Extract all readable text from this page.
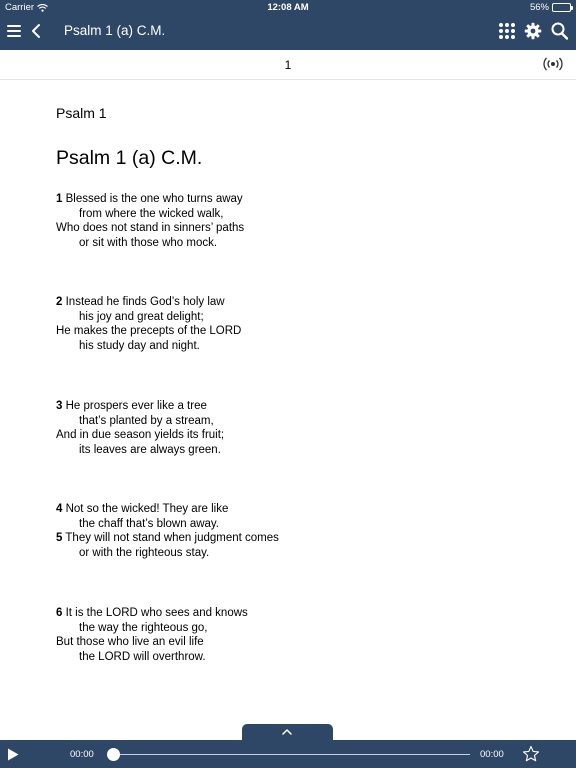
Carrier	12:08 AM	56%
Psalm 1 (a) C.M.
1
Psalm 1
Psalm 1 (a) C.M.
1 Blessed is the one who turns away
from where the wicked walk,
Who does not stand in sinners’ paths
or sit with those who mock.
2 Instead he finds God’s holy law
his joy and great delight;
He makes the precepts of the LORD
his study day and night.
3 He prospers ever like a tree
that’s planted by a stream,
And in due season yields its fruit;
its leaves are always green.
4 Not so the wicked! They are like
the chaff that’s blown away.
5 They will not stand when judgment comes
or with the righteous stay.
6 It is the LORD who sees and knows
the way the righteous go,
But those who live an evil life
the LORD will overthrow.
00:00	00:00
